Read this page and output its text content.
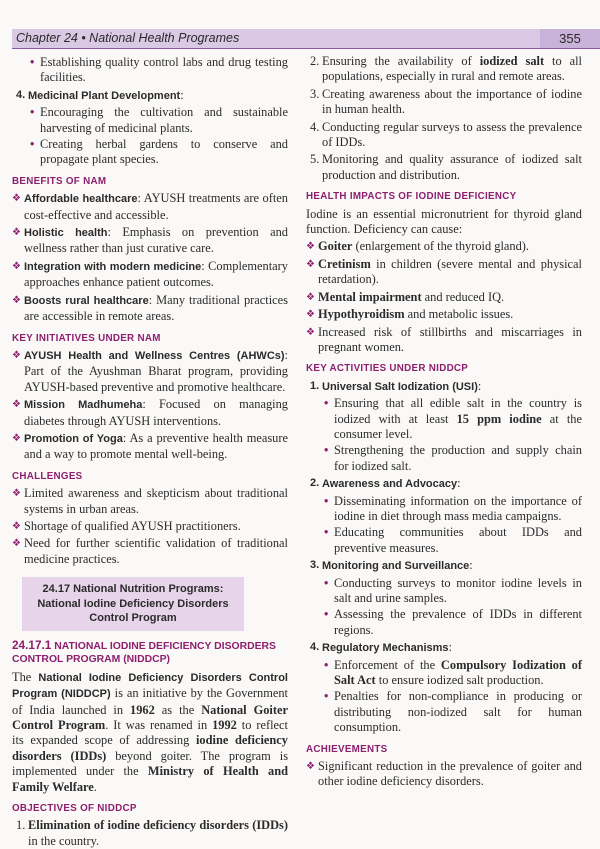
Chapter 24 • National Health Programes	355
• Establishing quality control labs and drug testing facilities.
4. Medicinal Plant Development:
• Encouraging the cultivation and sustainable harvesting of medicinal plants.
• Creating herbal gardens to conserve and propagate plant species.
BENEFITS OF NAM
❖ Affordable healthcare: AYUSH treatments are often cost-effective and accessible.
❖ Holistic health: Emphasis on prevention and wellness rather than just curative care.
❖ Integration with modern medicine: Complementary approaches enhance patient outcomes.
❖ Boosts rural healthcare: Many traditional practices are accessible in remote areas.
KEY INITIATIVES UNDER NAM
❖ AYUSH Health and Wellness Centres (AHWCs): Part of the Ayushman Bharat program, providing AYUSH-based preventive and promotive healthcare.
❖ Mission Madhumeha: Focused on managing diabetes through AYUSH interventions.
❖ Promotion of Yoga: As a preventive health measure and a way to promote mental well-being.
CHALLENGES
❖ Limited awareness and skepticism about traditional systems in urban areas.
❖ Shortage of qualified AYUSH practitioners.
❖ Need for further scientific validation of traditional medicine practices.
24.17 National Nutrition Programs: National Iodine Deficiency Disorders Control Program
24.17.1 NATIONAL IODINE DEFICIENCY DISORDERS CONTROL PROGRAM (NIDDCP)

The National Iodine Deficiency Disorders Control Program (NIDDCP) is an initiative by the Government of India launched in 1962 as the National Goiter Control Program. It was renamed in 1992 to reflect its expanded scope of addressing iodine deficiency disorders (IDDs) beyond goiter. The program is implemented under the Ministry of Health and Family Welfare.

OBJECTIVES OF NIDDCP
1. Elimination of iodine deficiency disorders (IDDs) in the country.
2. Ensuring the availability of iodized salt to all populations, especially in rural and remote areas.
3. Creating awareness about the importance of iodine in human health.
4. Conducting regular surveys to assess the prevalence of IDDs.
5. Monitoring and quality assurance of iodized salt production and distribution.
HEALTH IMPACTS OF IODINE DEFICIENCY

Iodine is an essential micronutrient for thyroid gland function. Deficiency can cause:

❖ Goiter (enlargement of the thyroid gland).
❖ Cretinism in children (severe mental and physical retardation).
❖ Mental impairment and reduced IQ.
❖ Hypothyroidism and metabolic issues.
❖ Increased risk of stillbirths and miscarriages in pregnant women.
KEY ACTIVITIES UNDER NIDDCP
1. Universal Salt Iodization (USI):
• Ensuring that all edible salt in the country is iodized with at least 15 ppm iodine at the consumer level.
• Strengthening the production and supply chain for iodized salt.
2. Awareness and Advocacy:
• Disseminating information on the importance of iodine in diet through mass media campaigns.
• Educating communities about IDDs and preventive measures.
3. Monitoring and Surveillance:
• Conducting surveys to monitor iodine levels in salt and urine samples.
• Assessing the prevalence of IDDs in different regions.
4. Regulatory Mechanisms:
• Enforcement of the Compulsory Iodization of Salt Act to ensure iodized salt production.
• Penalties for non-compliance in producing or distributing non-iodized salt for human consumption.
ACHIEVEMENTS
❖ Significant reduction in the prevalence of goiter and other iodine deficiency disorders.
